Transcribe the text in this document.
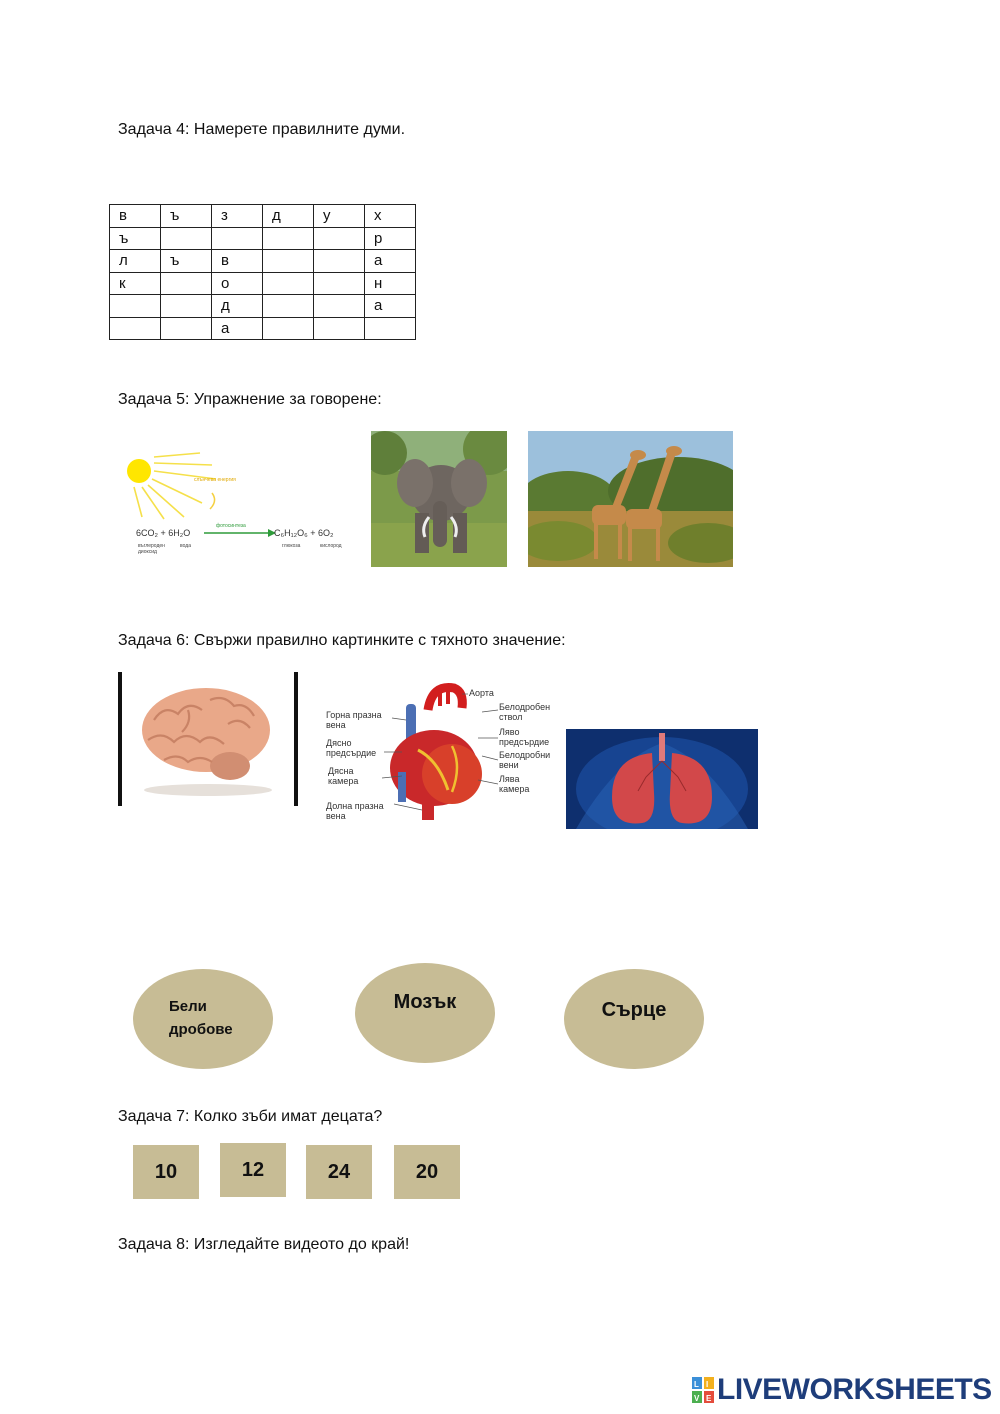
Задача 4: Намерете правилните думи.
в	ъ	з	д	у	х
ъ					р
л	ъ	в			а
к		о			н
		д			а
		а			
Задача 5: Упражнение за говорене:
слънчева енергия
фотосинтеза
6CO₂ + 6H₂O	C₆H₁₂O₆ + 6O₂
въглероден
диоксид
вода	глюкоза	кислород
Задача 6: Свържи правилно картинките с тяхното значение:
Аорта
Белодробен
ствол
Ляво
предсърдие
Белодробни
вени
Лява
камера
Горна празна
вена
Дясно
предсърдие
Дясна
камера
Долна празна
вена
Бели дробове
Мозък	Сърце
Задача 7: Колко зъби имат децата?
10	12	24	20
Задача 8: Изгледайте видеото до край!
L I
V E LIVEWORKSHEETS
